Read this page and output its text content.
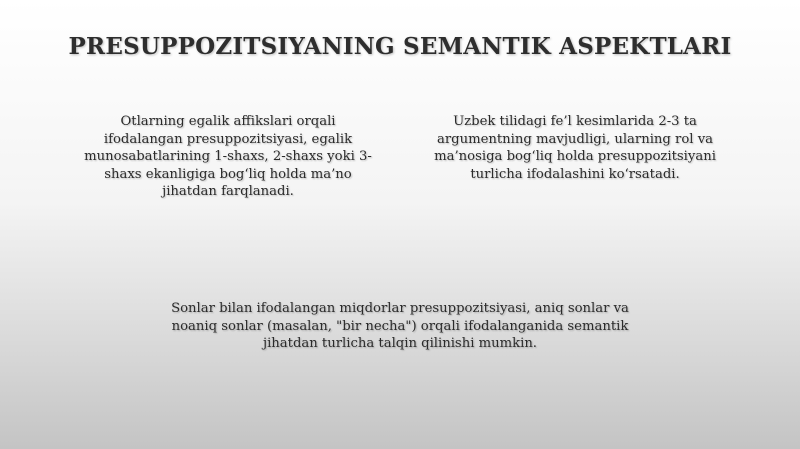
PRESUPPOZITSIYANING SEMANTIK ASPEKTLARI

Otlarning egalik affikslari orqali
ifodalangan presuppozitsiyasi, egalik
munosabatlarining 1-shaxs, 2-shaxs yoki 3-
shaxs ekanligiga bog‘liq holda ma’no
jihatdan farqlanadi.

Uzbek tilidagi fe’l kesimlarida 2-3 ta
argumentning mavjudligi, ularning rol va
ma’nosiga bog‘liq holda presuppozitsiyani
turlicha ifodalashini ko‘rsatadi.

Sonlar bilan ifodalangan miqdorlar presuppozitsiyasi, aniq sonlar va
noaniq sonlar (masalan, "bir necha") orqali ifodalanganida semantik
jihatdan turlicha talqin qilinishi mumkin.
